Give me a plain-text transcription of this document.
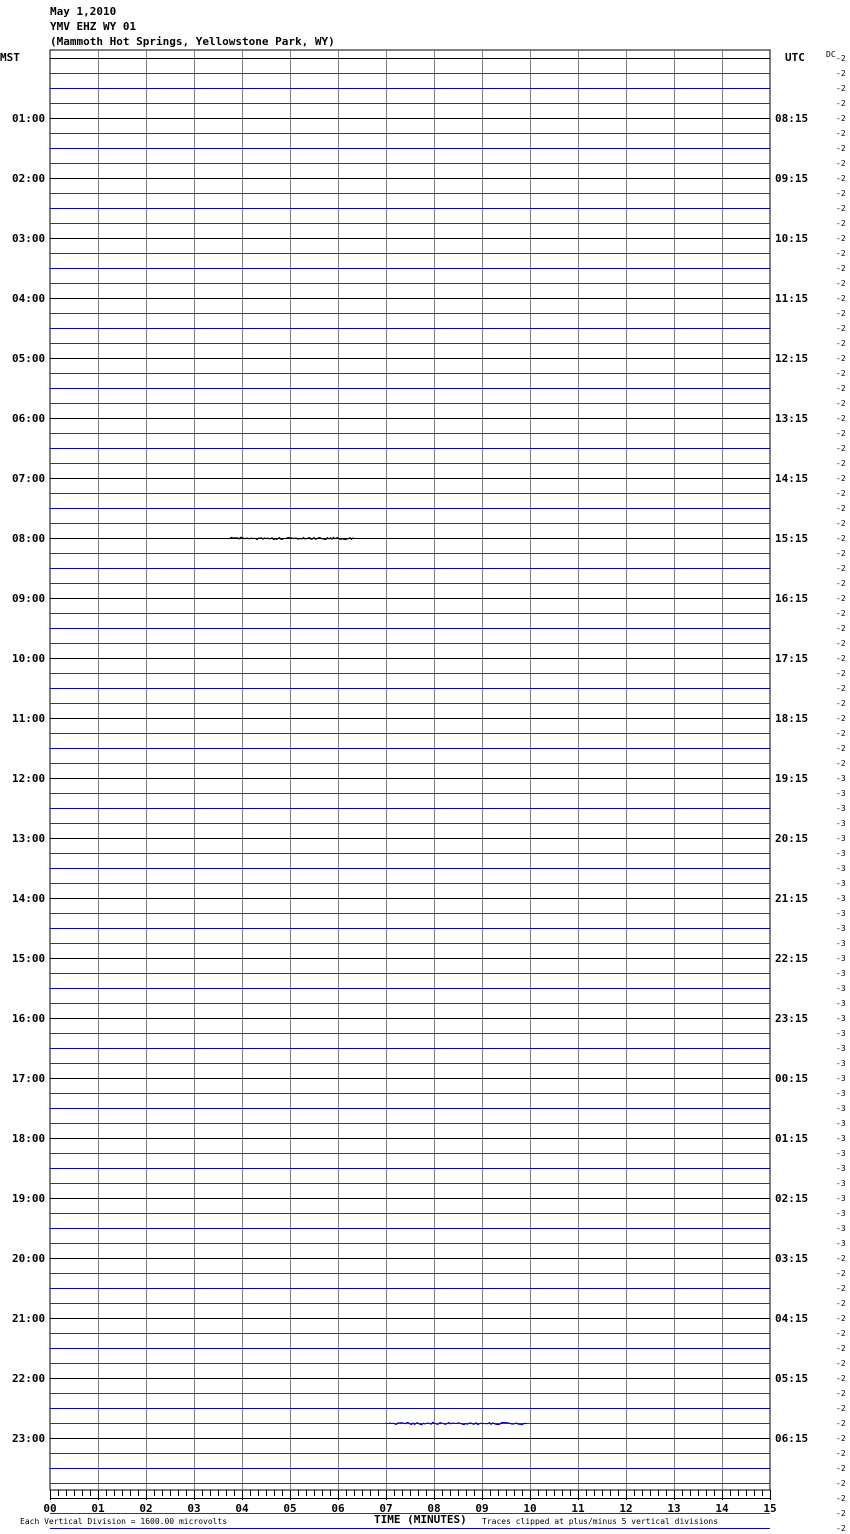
May 1,2010
YMV EHZ WY 01
(Mammoth Hot Springs, Yellowstone Park, WY)
MST	UTC	DC
01:00
02:00
03:00
04:00
05:00
06:00
07:00
08:00
09:00
10:00
11:00
12:00
13:00
14:00
15:00
16:00
17:00
18:00
19:00
20:00
21:00
22:00
23:00
08:15
09:15
10:15
11:15
12:15
13:15
14:15
15:15
16:15
17:15
18:15
19:15
20:15
21:15
22:15
23:15
00:15
01:15
02:15
03:15
04:15
05:15
06:15
-2
-2
-2
-2
-2
-2
-2
-2
-2
-2
-2
-2
-2
-2
-2
-2
-2
-2
-2
-2
-2
-2
-2
-2
-2
-2
-2
-2
-2
-2
-2
-2
-2
-2
-2
-2
-2
-2
-2
-2
-2
-2
-2
-2
-2
-2
-2
-2
-3
-3
-3
-3
-3
-3
-3
-3
-3
-3
-3
-3
-3
-3
-3
-3
-3
-3
-3
-3
-3
-3
-3
-3
-3
-3
-3
-3
-3
-3
-3
-3
-2
-2
-2
-2
-2
-2
-2
-2
-2
-2
-2
-2
-2
-2
-2
-2
-2
-2
-2
00	01	02	03	04	05	06	07	08	09	10	11	12	13	14	15
Each Vertical Division = 1600.00 microvolts	TIME (MINUTES) Traces clipped at plus/minus 5 vertical divisions
